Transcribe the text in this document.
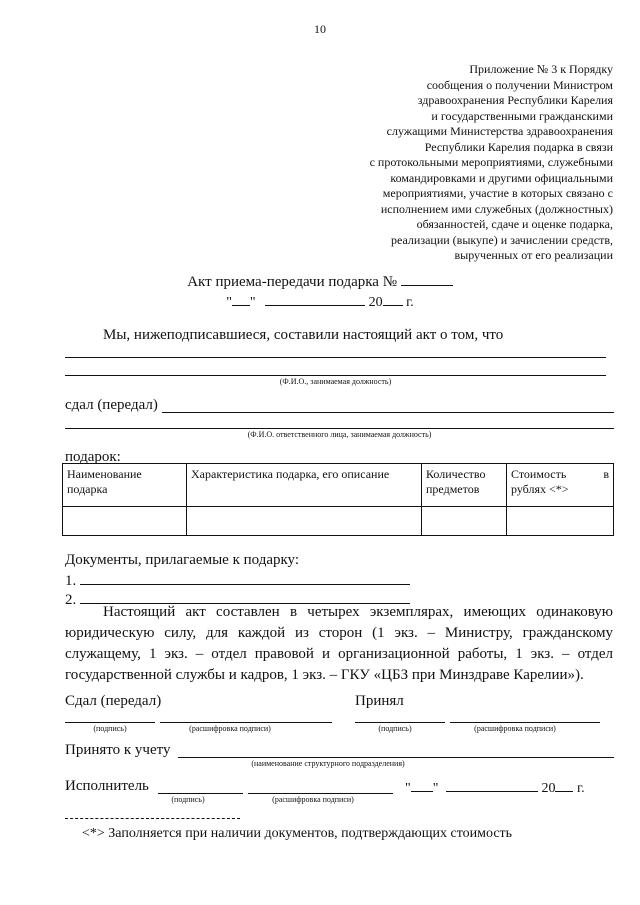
10
Приложение № 3 к Порядку
сообщения о получении Министром
здравоохранения Республики Карелия
и государственными гражданскими
служащими Министерства здравоохранения
Республики Карелия подарка в связи
с протокольными мероприятиями, служебными
командировками и другими официальными
мероприятиями, участие в которых связано с
исполнением ими служебных (должностных)
обязанностей, сдаче и оценке подарка,
реализации (выкупе) и зачислении средств,
вырученных от его реализации
Акт приема-передачи подарка №
" "	20 г.
Мы, нижеподписавшиеся, составили настоящий акт о том, что
(Ф.И.О., занимаемая должность)
сдал (передал)
(Ф.И.О. ответственного лица, занимаемая должность)
подарок:
Наименование подарка	Характеристика подарка, его описание	Количество предметов	Стоимость в
рублях <*>

Документы, прилагаемые к подарку:
1.
2.

Настоящий акт составлен в четырех экземплярах, имеющих одинаковую юридическую силу, для каждой из сторон (1 экз. – Министру, гражданскому служащему, 1 экз. – отдел правовой и организационной работы, 1 экз. – отдел государственной службы и кадров, 1 экз. – ГКУ «ЦБЗ при Минздраве Карелии»).

Сдал (передал)	Принял
(подпись)	(расшифровка подписи)	(подпись)	(расшифровка подписи)
Принято к учету
(наименование структурного подразделения)
Исполнитель
(подпись)	(расшифровка подписи)
" "	20 г.
<*> Заполняется при наличии документов, подтверждающих стоимость
